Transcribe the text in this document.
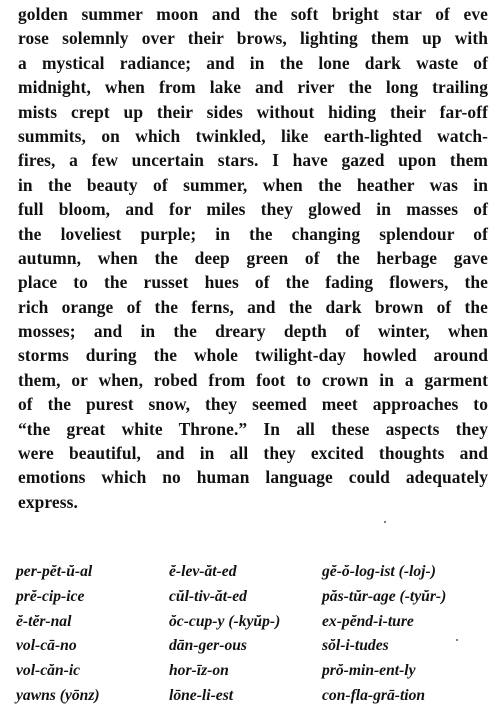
golden summer moon and the soft bright star of eve
rose solemnly over their brows, lighting them up with
a mystical radiance; and in the lone dark waste of
midnight, when from lake and river the long trailing
mists crept up their sides without hiding their far-off
summits, on which twinkled, like earth-lighted watch-
fires, a few uncertain stars. I have gazed upon them
in the beauty of summer, when the heather was in
full bloom, and for miles they glowed in masses of
the loveliest purple; in the changing splendour of
autumn, when the deep green of the herbage gave
place to the russet hues of the fading flowers, the
rich orange of the ferns, and the dark brown of the
mosses; and in the dreary depth of winter, when
storms during the whole twilight-day howled around
them, or when, robed from foot to crown in a garment
of the purest snow, they seemed meet approaches to
“the great white Throne.” In all these aspects they
were beautiful, and in all they excited thoughts and
emotions which no human language could adequately
express.
per-pĕt-ŭ-al	ĕ-lev-ăt-ed	gĕ-ŏ-log-ist (-loj-)
prĕ-cip-ice	cŭl-tiv-ăt-ed	păs-tŭr-age (-tyŭr-)
ĕ-tĕr-nal	ŏc-cup-y (-kyŭp-)	ex-pĕnd-i-ture
vol-cā-no	dān-ger-ous	sŏl-i-tudes
vol-căn-ic	hor-īz-on	prŏ-min-ent-ly
yawns (yōnz)	lōne-li-est	con-fla-grā-tion
